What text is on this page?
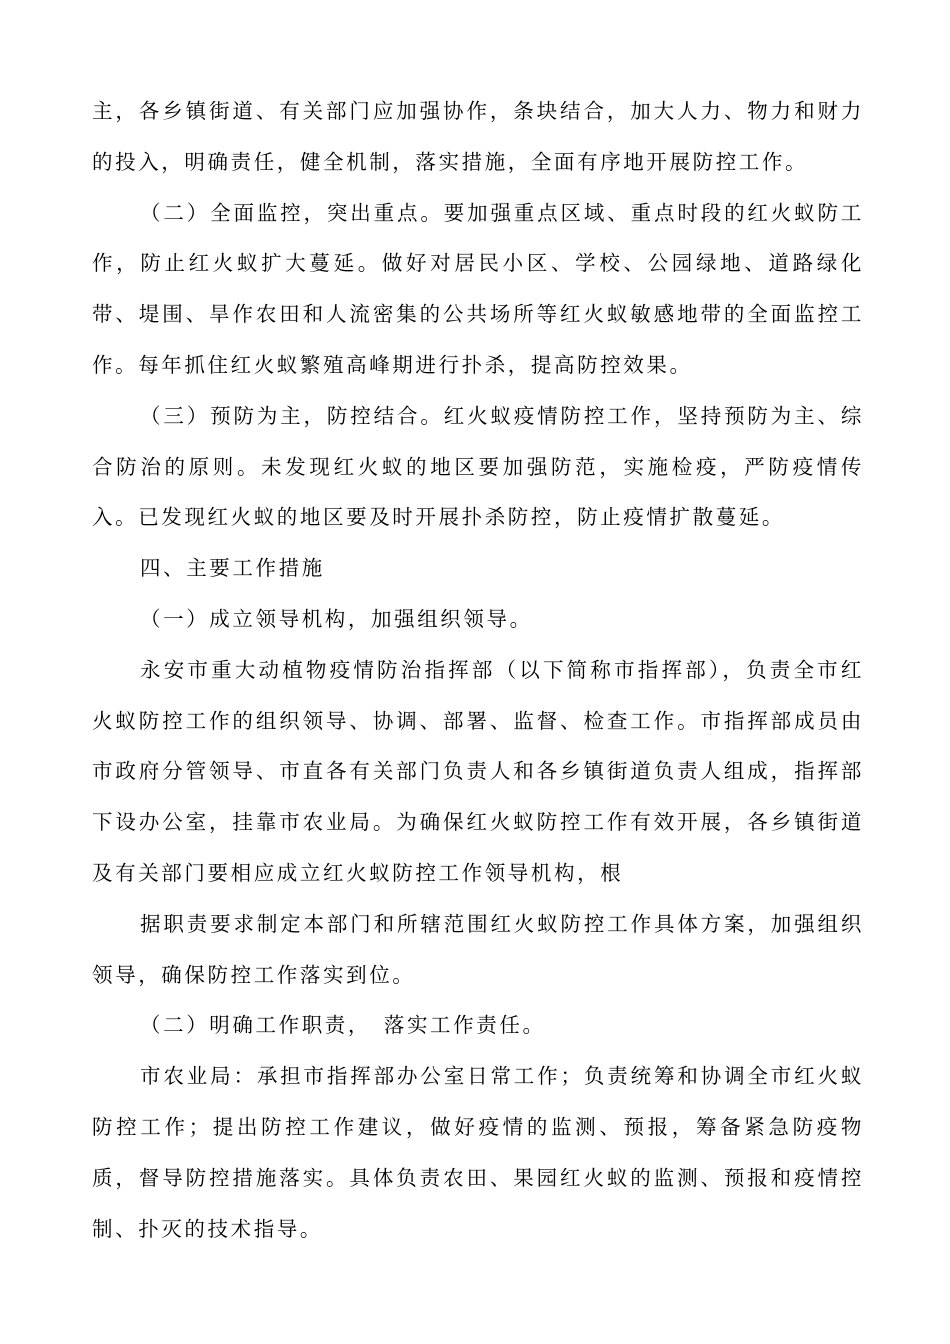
主，各乡镇街道、有关部门应加强协作，条块结合，加大人力、物力和财力的投入，明确责任，健全机制，落实措施，全面有序地开展防控工作。

（二）全面监控，突出重点。要加强重点区域、重点时段的红火蚁防工作，防止红火蚁扩大蔓延。做好对居民小区、学校、公园绿地、道路绿化带、堤围、旱作农田和人流密集的公共场所等红火蚁敏感地带的全面监控工作。每年抓住红火蚁繁殖高峰期进行扑杀，提高防控效果。

（三）预防为主，防控结合。红火蚁疫情防控工作，坚持预防为主、综合防治的原则。未发现红火蚁的地区要加强防范，实施检疫，严防疫情传入。已发现红火蚁的地区要及时开展扑杀防控，防止疫情扩散蔓延。

四、主要工作措施

（一）成立领导机构，加强组织领导。

永安市重大动植物疫情防治指挥部（以下简称市指挥部），负责全市红火蚁防控工作的组织领导、协调、部署、监督、检查工作。市指挥部成员由市政府分管领导、市直各有关部门负责人和各乡镇街道负责人组成，指挥部下设办公室，挂靠市农业局。为确保红火蚁防控工作有效开展，各乡镇街道及有关部门要相应成立红火蚁防控工作领导机构，根

据职责要求制定本部门和所辖范围红火蚁防控工作具体方案，加强组织领导，确保防控工作落实到位。

（二）明确工作职责，　落实工作责任。

市农业局：承担市指挥部办公室日常工作；负责统筹和协调全市红火蚁防控工作；提出防控工作建议，做好疫情的监测、预报，筹备紧急防疫物质，督导防控措施落实。具体负责农田、果园红火蚁的监测、预报和疫情控制、扑灭的技术指导。
